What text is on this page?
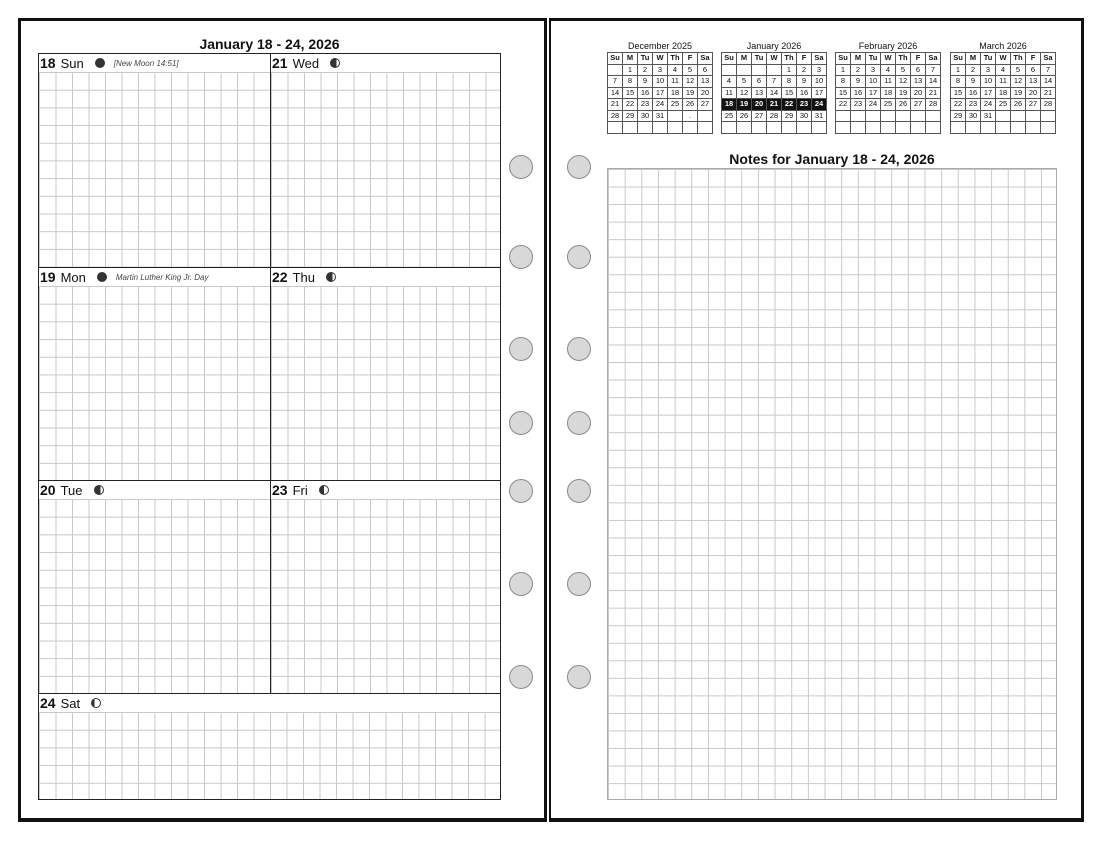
January 18 - 24, 2026
18 Sun	[New Moon 14:51]	21 Wed
19 Mon	Martin Luther King Jr. Day	22 Thu
20 Tue	23 Fri
24 Sat
December 2025
Su	M	Tu	W	Th	F	Sa
	1	2	3	4	5	6
7	8	9	10	11	12	13
14	15	16	17	18	19	20
21	22	23	24	25	26	27
28	29	30	31		.	

January 2026
Su	M	Tu	W	Th	F	Sa
				1	2	3
4	5	6	7	8	9	10
11	12	13	14	15	16	17
18	19	20	21	22	23	24
25	26	27	28	29	30	31

February 2026
Su	M	Tu	W	Th	F	Sa
1	2	3	4	5	6	7
8	9	10	11	12	13	14
15	16	17	18	19	20	21
22	23	24	25	26	27	28

March 2026
Su	M	Tu	W	Th	F	Sa
1	2	3	4	5	6	7
8	9	10	11	12	13	14
15	16	17	18	19	20	21
22	23	24	25	26	27	28
29	30	31				

Notes for January 18 - 24, 2026
